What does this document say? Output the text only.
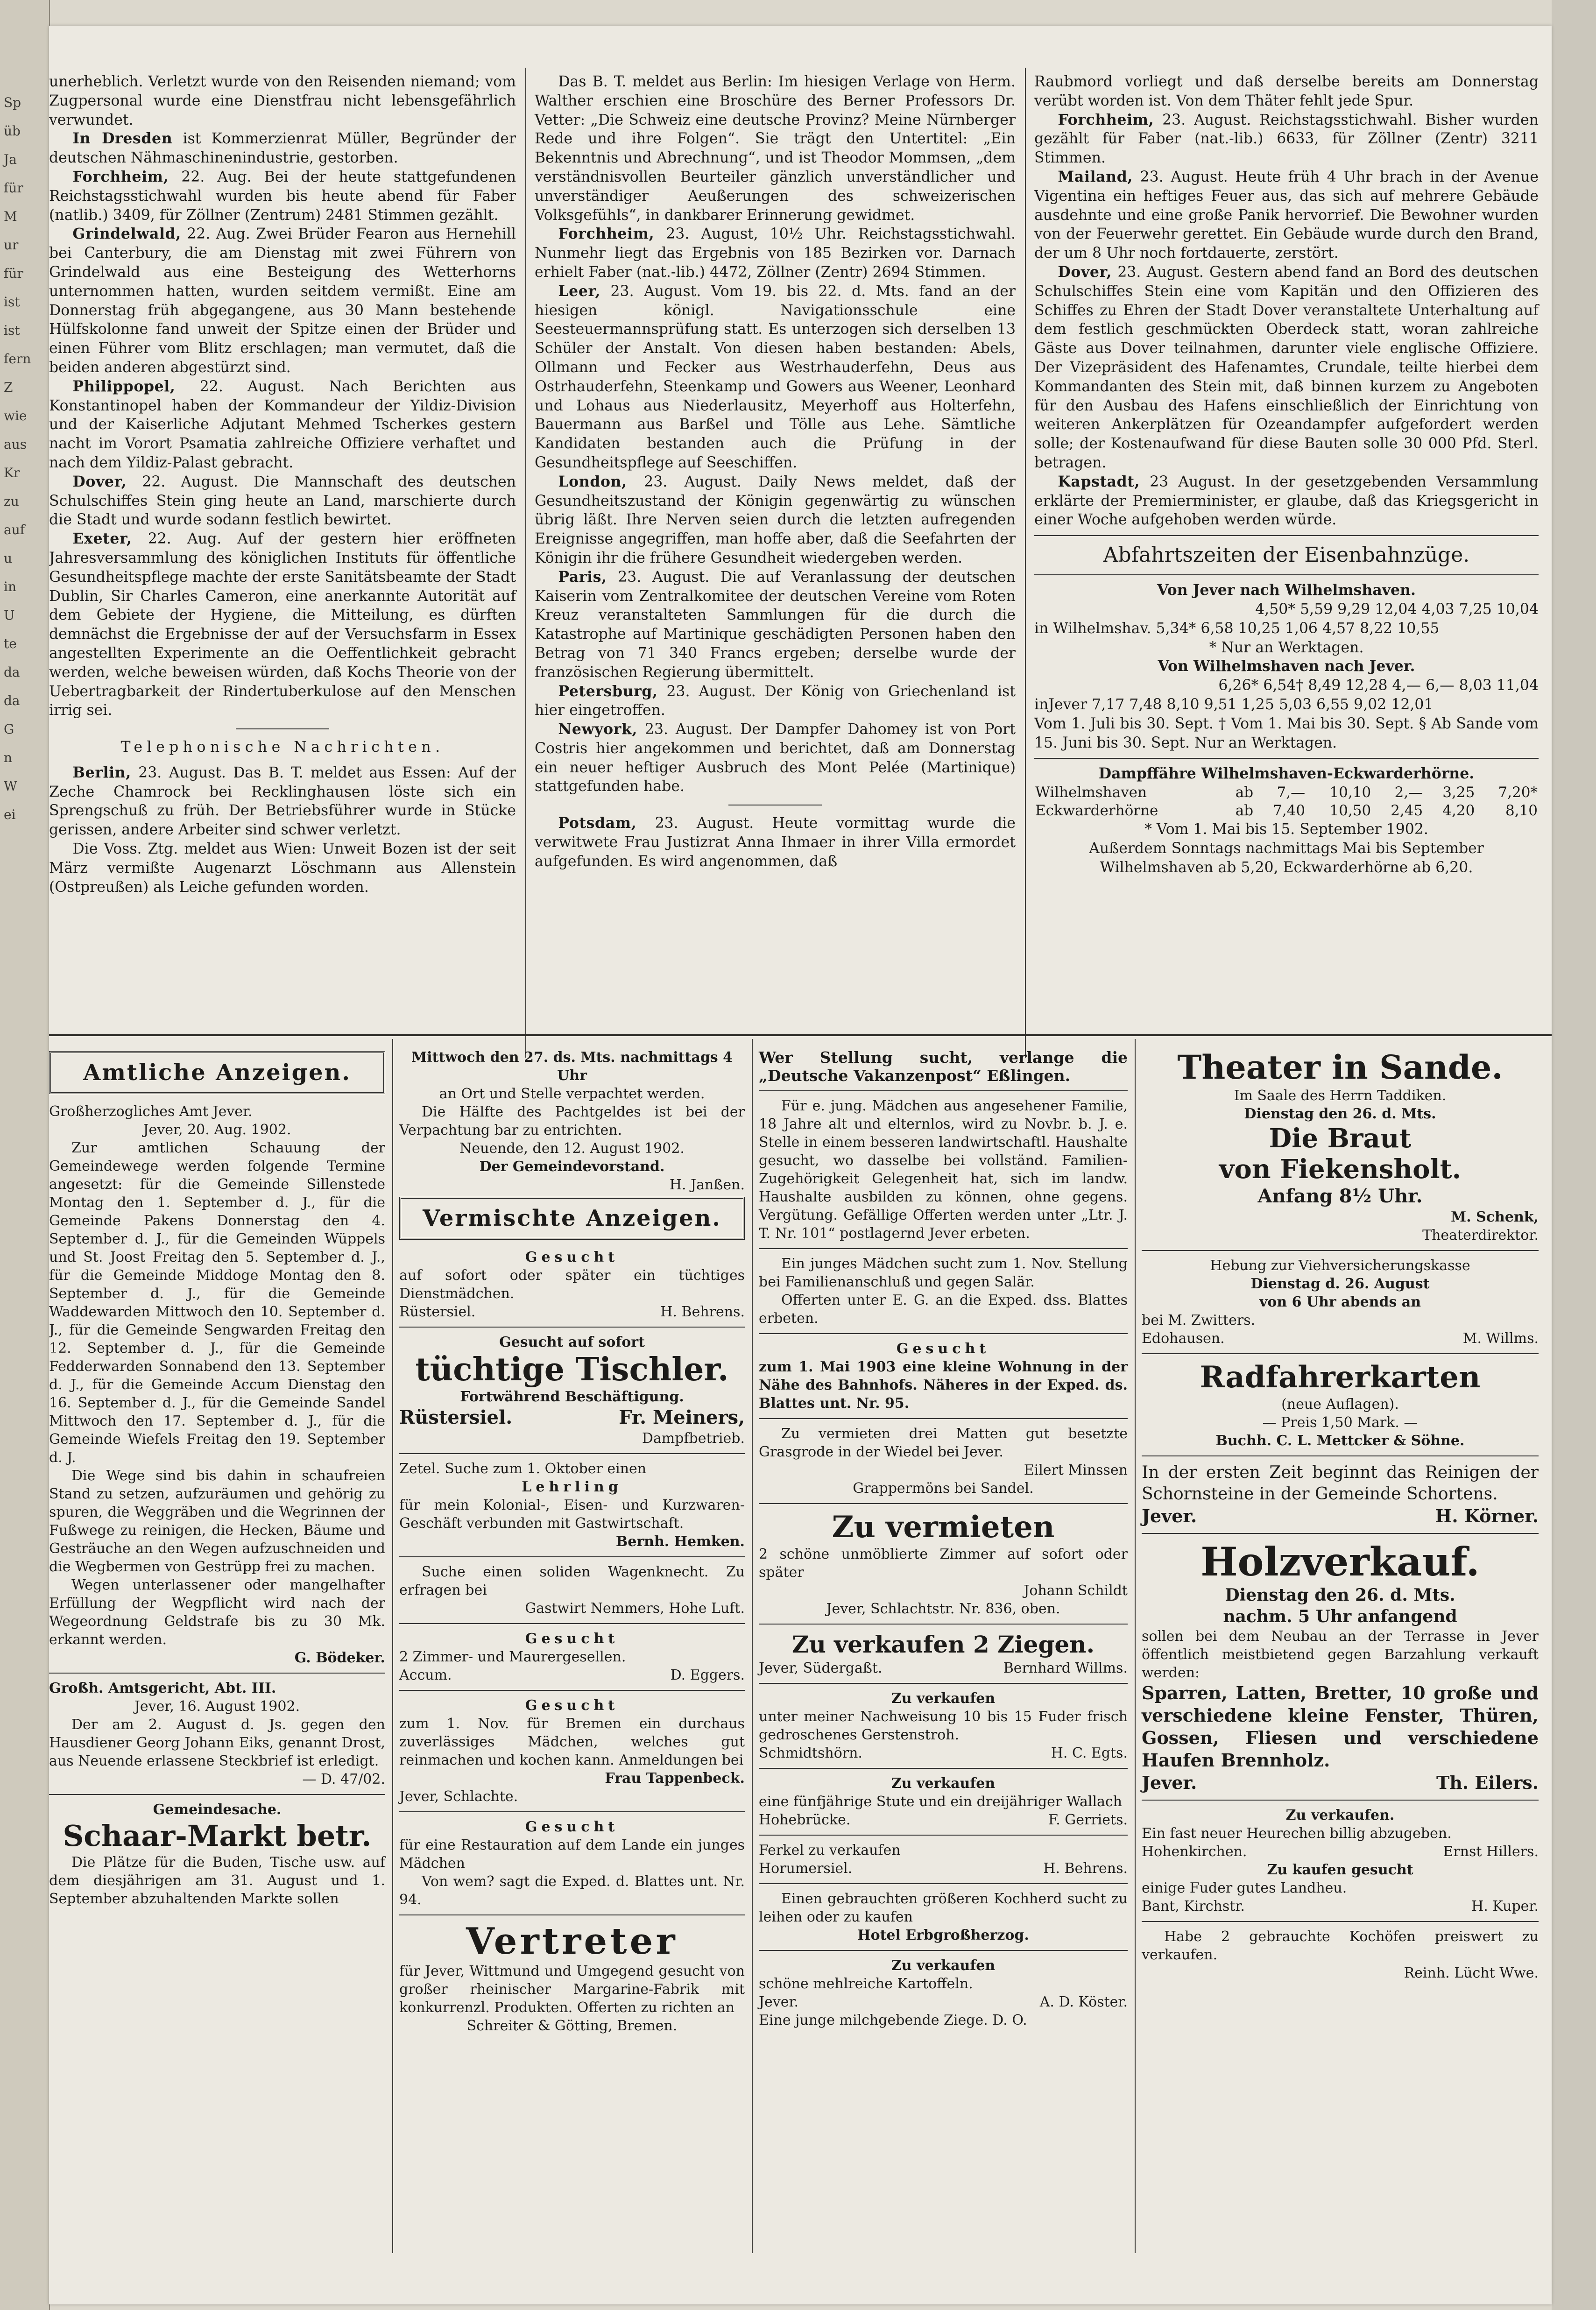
Sp
üb
Ja
für
M
ur
für
ist
ist
fern
Z
wie
aus
Kr
zu
auf
u
in
U
te
da
da
G
n
W
ei

unerheblich. Verletzt wurde von den Reisenden niemand; vom Zugpersonal wurde eine Dienstfrau nicht lebensgefährlich verwundet.

In Dresden ist Kommerzienrat Müller, Begründer der deutschen Nähmaschinenindustrie, gestorben.

Forchheim, 22. Aug. Bei der heute stattgefundenen Reichstagsstichwahl wurden bis heute abend für Faber (natlib.) 3409, für Zöllner (Zentrum) 2481 Stimmen gezählt.

Grindelwald, 22. Aug. Zwei Brüder Fearon aus Hernehill bei Canterbury, die am Dienstag mit zwei Führern von Grindelwald aus eine Besteigung des Wetterhorns unternommen hatten, wurden seitdem vermißt. Eine am Donnerstag früh abgegangene, aus 30 Mann bestehende Hülfskolonne fand unweit der Spitze einen der Brüder und einen Führer vom Blitz erschlagen; man vermutet, daß die beiden anderen abgestürzt sind.

Philippopel, 22. August. Nach Berichten aus Konstantinopel haben der Kommandeur der Yildiz-Division und der Kaiserliche Adjutant Mehmed Tscherkes gestern nacht im Vorort Psamatia zahlreiche Offiziere verhaftet und nach dem Yildiz-Palast gebracht.

Dover, 22. August. Die Mannschaft des deutschen Schulschiffes Stein ging heute an Land, marschierte durch die Stadt und wurde sodann festlich bewirtet.

Exeter, 22. Aug. Auf der gestern hier eröffneten Jahresversammlung des königlichen Instituts für öffentliche Gesundheitspflege machte der erste Sanitätsbeamte der Stadt Dublin, Sir Charles Cameron, eine anerkannte Autorität auf dem Gebiete der Hygiene, die Mitteilung, es dürften demnächst die Ergebnisse der auf der Versuchsfarm in Essex angestellten Experimente an die Oeffentlichkeit gebracht werden, welche beweisen würden, daß Kochs Theorie von der Uebertragbarkeit der Rindertuberkulose auf den Menschen irrig sei.

Telephonische Nachrichten.

Berlin, 23. August. Das B. T. meldet aus Essen: Auf der Zeche Chamrock bei Recklinghausen löste sich ein Sprengschuß zu früh. Der Betriebsführer wurde in Stücke gerissen, andere Arbeiter sind schwer verletzt.

Die Voss. Ztg. meldet aus Wien: Unweit Bozen ist der seit März vermißte Augenarzt Löschmann aus Allenstein (Ostpreußen) als Leiche gefunden worden.

Das B. T. meldet aus Berlin: Im hiesigen Verlage von Herm. Walther erschien eine Broschüre des Berner Professors Dr. Vetter: „Die Schweiz eine deutsche Provinz? Meine Nürnberger Rede und ihre Folgen“. Sie trägt den Untertitel: „Ein Bekenntnis und Abrechnung“, und ist Theodor Mommsen, „dem verständnisvollen Beurteiler gänzlich unverständlicher und unverständiger Aeußerungen des schweizerischen Volksgefühls“, in dankbarer Erinnerung gewidmet.

Forchheim, 23. August, 10½ Uhr. Reichstagsstichwahl. Nunmehr liegt das Ergebnis von 185 Bezirken vor. Darnach erhielt Faber (nat.-lib.) 4472, Zöllner (Zentr) 2694 Stimmen.

Leer, 23. August. Vom 19. bis 22. d. Mts. fand an der hiesigen königl. Navigationsschule eine Seesteuermannsprüfung statt. Es unterzogen sich derselben 13 Schüler der Anstalt. Von diesen haben bestanden: Abels, Ollmann und Fecker aus Westrhauderfehn, Deus aus Ostrhauderfehn, Steenkamp und Gowers aus Weener, Leonhard und Lohaus aus Niederlausitz, Meyerhoff aus Holterfehn, Bauermann aus Barßel und Tölle aus Lehe. Sämtliche Kandidaten bestanden auch die Prüfung in der Gesundheitspflege auf Seeschiffen.

London, 23. August. Daily News meldet, daß der Gesundheitszustand der Königin gegenwärtig zu wünschen übrig läßt. Ihre Nerven seien durch die letzten aufregenden Ereignisse angegriffen, man hoffe aber, daß die Seefahrten der Königin ihr die frühere Gesundheit wiedergeben werden.

Paris, 23. August. Die auf Veranlassung der deutschen Kaiserin vom Zentralkomitee der deutschen Vereine vom Roten Kreuz veranstalteten Sammlungen für die durch die Katastrophe auf Martinique geschädigten Personen haben den Betrag von 71 340 Francs ergeben; derselbe wurde der französischen Regierung übermittelt.

Petersburg, 23. August. Der König von Griechenland ist hier eingetroffen.

Newyork, 23. August. Der Dampfer Dahomey ist von Port Costris hier angekommen und berichtet, daß am Donnerstag ein neuer heftiger Ausbruch des Mont Pelée (Martinique) stattgefunden habe.

Potsdam, 23. August. Heute vormittag wurde die verwitwete Frau Justizrat Anna Ihmaer in ihrer Villa ermordet aufgefunden. Es wird angenommen, daß

Raubmord vorliegt und daß derselbe bereits am Donnerstag verübt worden ist. Von dem Thäter fehlt jede Spur.

Forchheim, 23. August. Reichstagsstichwahl. Bisher wurden gezählt für Faber (nat.-lib.) 6633, für Zöllner (Zentr) 3211 Stimmen.

Mailand, 23. August. Heute früh 4 Uhr brach in der Avenue Vigentina ein heftiges Feuer aus, das sich auf mehrere Gebäude ausdehnte und eine große Panik hervorrief. Die Bewohner wurden von der Feuerwehr gerettet. Ein Gebäude wurde durch den Brand, der um 8 Uhr noch fortdauerte, zerstört.

Dover, 23. August. Gestern abend fand an Bord des deutschen Schulschiffes Stein eine vom Kapitän und den Offizieren des Schiffes zu Ehren der Stadt Dover veranstaltete Unterhaltung auf dem festlich geschmückten Oberdeck statt, woran zahlreiche Gäste aus Dover teilnahmen, darunter viele englische Offiziere. Der Vizepräsident des Hafenamtes, Crundale, teilte hierbei dem Kommandanten des Stein mit, daß binnen kurzem zu Angeboten für den Ausbau des Hafens einschließlich der Einrichtung von weiteren Ankerplätzen für Ozeandampfer aufgefordert werden solle; der Kostenaufwand für diese Bauten solle 30 000 Pfd. Sterl. betragen.

Kapstadt, 23 August. In der gesetzgebenden Versammlung erklärte der Premierminister, er glaube, daß das Kriegsgericht in einer Woche aufgehoben werden würde.

Abfahrtszeiten der Eisenbahnzüge.

Von Jever nach Wilhelmshaven.

4,50* 5,59 9,29 12,04 4,03 7,25 10,04

in Wilhelmshav. 5,34* 6,58 10,25 1,06 4,57 8,22 10,55

* Nur an Werktagen.

Von Wilhelmshaven nach Jever.

6,26* 6,54† 8,49 12,28 4,— 6,— 8,03 11,04

inJever 7,17 7,48 8,10 9,51 1,25 5,03 6,55 9,02 12,01

Vom 1. Juli bis 30. Sept. † Vom 1. Mai bis 30. Sept. § Ab Sande vom 15. Juni bis 30. Sept. Nur an Werktagen.

Dampffähre Wilhelmshaven-Eckwarderhörne.

Wilhelmshaven	ab	7,—	10,10	2,—	3,25	7,20*
Eckwarderhörne	ab	7,40	10,50	2,45	4,20	8,10

* Vom 1. Mai bis 15. September 1902.

Außerdem Sonntags nachmittags Mai bis September Wilhelmshaven ab 5,20, Eckwarderhörne ab 6,20.

Amtliche Anzeigen.

Großherzogliches Amt Jever.

Jever, 20. Aug. 1902.

Zur amtlichen Schauung der Gemeindewege werden folgende Termine angesetzt: für die Gemeinde Sillenstede Montag den 1. September d. J., für die Gemeinde Pakens Donnerstag den 4. September d. J., für die Gemeinden Wüppels und St. Joost Freitag den 5. September d. J., für die Gemeinde Middoge Montag den 8. September d. J., für die Gemeinde Waddewarden Mittwoch den 10. September d. J., für die Gemeinde Sengwarden Freitag den 12. September d. J., für die Gemeinde Fedderwarden Sonnabend den 13. September d. J., für die Gemeinde Accum Dienstag den 16. September d. J., für die Gemeinde Sandel Mittwoch den 17. September d. J., für die Gemeinde Wiefels Freitag den 19. September d. J.

Die Wege sind bis dahin in schaufreien Stand zu setzen, aufzuräumen und gehörig zu spuren, die Weggräben und die Wegrinnen der Fußwege zu reinigen, die Hecken, Bäume und Gesträuche an den Wegen aufzuschneiden und die Wegbermen von Gestrüpp frei zu machen.

Wegen unterlassener oder mangelhafter Erfüllung der Wegpflicht wird nach der Wegeordnung Geldstrafe bis zu 30 Mk. erkannt werden.

G. Bödeker.

Großh. Amtsgericht, Abt. III.

Jever, 16. August 1902.

Der am 2. August d. Js. gegen den Hausdiener Georg Johann Eiks, genannt Drost, aus Neuende erlassene Steckbrief ist erledigt.

— D. 47/02.

Gemeindesache.

Schaar-Markt betr.

Die Plätze für die Buden, Tische usw. auf dem diesjährigen am 31. August und 1. September abzuhaltenden Markte sollen

Mittwoch den 27. ds. Mts. nachmittags 4 Uhr

an Ort und Stelle verpachtet werden.

Die Hälfte des Pachtgeldes ist bei der Verpachtung bar zu entrichten.

Neuende, den 12. August 1902.

Der Gemeindevorstand.

H. Janßen.

Vermischte Anzeigen.

Gesucht

auf sofort oder später ein tüchtiges Dienstmädchen.

Rüstersiel.	H. Behrens.

Gesucht auf sofort

tüchtige Tischler.

Fortwährend Beschäftigung.

Rüstersiel.	Fr. Meiners,

Dampfbetrieb.

Zetel. Suche zum 1. Oktober einen

Lehrling

für mein Kolonial-, Eisen- und Kurzwaren-Geschäft verbunden mit Gastwirtschaft.

Bernh. Hemken.

Suche einen soliden Wagenknecht. Zu erfragen bei

Gastwirt Nemmers, Hohe Luft.

Gesucht

2 Zimmer- und Maurergesellen.

Accum.	D. Eggers.

Gesucht

zum 1. Nov. für Bremen ein durchaus zuverlässiges Mädchen, welches gut reinmachen und kochen kann. Anmeldungen bei

Frau Tappenbeck.

Jever, Schlachte.

Gesucht

für eine Restauration auf dem Lande ein junges Mädchen

Von wem? sagt die Exped. d. Blattes unt. Nr. 94.

Vertreter

für Jever, Wittmund und Umgegend gesucht von großer rheinischer Margarine-Fabrik mit konkurrenzl. Produkten. Offerten zu richten an

Schreiter & Götting, Bremen.

Wer Stellung sucht, verlange die „Deutsche Vakanzenpost“ Eßlingen.

Für e. jung. Mädchen aus angesehener Familie, 18 Jahre alt und elternlos, wird zu Novbr. b. J. e. Stelle in einem besseren landwirtschaftl. Haushalte gesucht, wo dasselbe bei vollständ. Familien-Zugehörigkeit Gelegenheit hat, sich im landw. Haushalte ausbilden zu können, ohne gegens. Vergütung. Gefällige Offerten werden unter „Ltr. J. T. Nr. 101“ postlagernd Jever erbeten.

Ein junges Mädchen sucht zum 1. Nov. Stellung bei Familienanschluß und gegen Salär.

Offerten unter E. G. an die Exped. dss. Blattes erbeten.

Gesucht

zum 1. Mai 1903 eine kleine Wohnung in der Nähe des Bahnhofs. Näheres in der Exped. ds. Blattes unt. Nr. 95.

Zu vermieten drei Matten gut besetzte Grasgrode in der Wiedel bei Jever.

Eilert Minssen

Grappermöns bei Sandel.

Zu vermieten

2 schöne unmöblierte Zimmer auf sofort oder später

Johann Schildt

Jever, Schlachtstr. Nr. 836, oben.

Zu verkaufen 2 Ziegen.

Jever, Südergaßt.	Bernhard Willms.

Zu verkaufen

unter meiner Nachweisung 10 bis 15 Fuder frisch gedroschenes Gerstenstroh.

Schmidtshörn.	H. C. Egts.

Zu verkaufen

eine fünfjährige Stute und ein dreijähriger Wallach

Hohebrücke.	F. Gerriets.

Ferkel zu verkaufen

Horumersiel.	H. Behrens.

Einen gebrauchten größeren Kochherd sucht zu leihen oder zu kaufen

Hotel Erbgroßherzog.

Zu verkaufen

schöne mehlreiche Kartoffeln.

Jever.	A. D. Köster.

Eine junge milchgebende Ziege. D. O.

Theater in Sande.

Im Saale des Herrn Taddiken.

Dienstag den 26. d. Mts.

Die Braut

von Fiekensholt.

Anfang 8½ Uhr.

M. Schenk,

Theaterdirektor.

Hebung zur Viehversicherungskasse

Dienstag d. 26. August

von 6 Uhr abends an

bei M. Zwitters.

Edohausen.	M. Willms.

Radfahrerkarten

(neue Auflagen).

— Preis 1,50 Mark. —

Buchh. C. L. Mettcker & Söhne.

In der ersten Zeit beginnt das Reinigen der Schornsteine in der Gemeinde Schortens.

Jever.	H. Körner.

Holzverkauf.

Dienstag den 26. d. Mts.

nachm. 5 Uhr anfangend

sollen bei dem Neubau an der Terrasse in Jever öffentlich meistbietend gegen Barzahlung verkauft werden:

Sparren, Latten, Bretter, 10 große und verschiedene kleine Fenster, Thüren, Gossen, Fliesen und verschiedene Haufen Brennholz.

Jever.	Th. Eilers.

Zu verkaufen.

Ein fast neuer Heurechen billig abzugeben.

Hohenkirchen.	Ernst Hillers.

Zu kaufen gesucht

einige Fuder gutes Landheu.

Bant, Kirchstr.	H. Kuper.

Habe 2 gebrauchte Kochöfen preiswert zu verkaufen.

Reinh. Lücht Wwe.
